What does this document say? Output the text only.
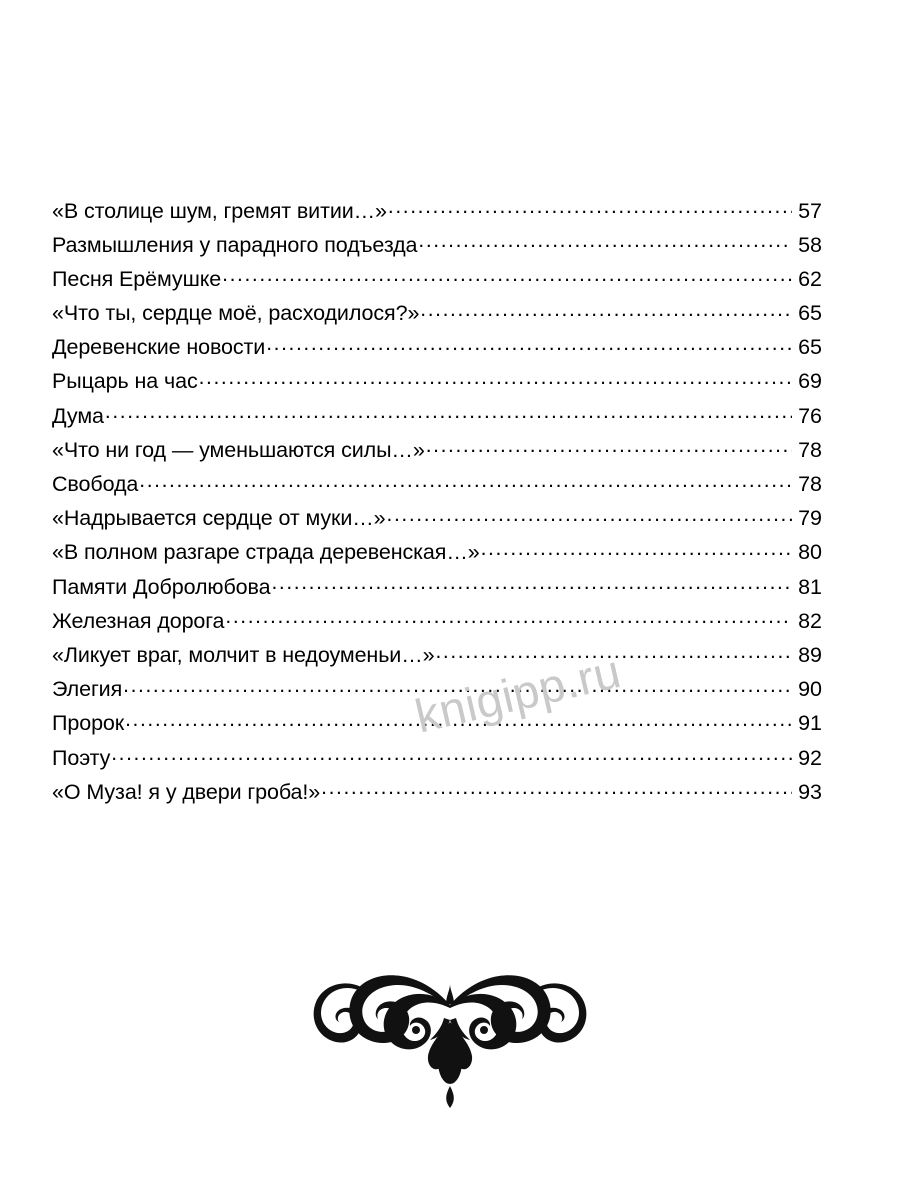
«В столице шум, гремят витии…» .....	57
Размышления у парадного подъезда .....	58
Песня Ерёмушке .....	62
«Что ты, сердце моё, расходилося?» .....	65
Деревенские новости .....	65
Рыцарь на час .....	69
Дума .....	76
«Что ни год — уменьшаются силы…» .....	78
Свобода .....	78
«Надрывается сердце от муки…» .....	79
«В полном разгаре страда деревенская…» .....	80
Памяти Добролюбова .....	81
Железная дорога .....	82
«Ликует враг, молчит в недоуменьи…» .....	89
Элегия .....	90
Пророк .....	91
Поэту .....	92
«О Муза! я у двери гроба!» .....	93
knigipp.ru
